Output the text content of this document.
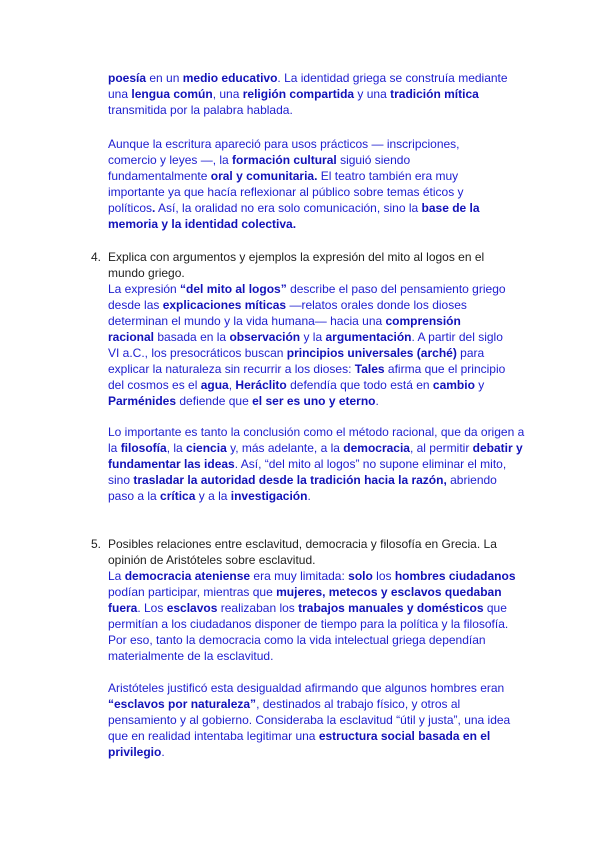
poesía en un medio educativo. La identidad griega se construía mediante una lengua común, una religión compartida y una tradición mítica transmitida por la palabra hablada.

Aunque la escritura apareció para usos prácticos — inscripciones, comercio y leyes —, la formación cultural siguió siendo fundamentalmente oral y comunitaria. El teatro también era muy importante ya que hacía reflexionar al público sobre temas éticos y políticos. Así, la oralidad no era solo comunicación, sino la base de la memoria y la identidad colectiva.

4. Explica con argumentos y ejemplos la expresión del mito al logos en el mundo griego.

La expresión “del mito al logos” describe el paso del pensamiento griego desde las explicaciones míticas —relatos orales donde los dioses determinan el mundo y la vida humana— hacia una comprensión racional basada en la observación y la argumentación. A partir del siglo VI a.C., los presocráticos buscan principios universales (arché) para explicar la naturaleza sin recurrir a los dioses: Tales afirma que el principio del cosmos es el agua, Heráclito defendía que todo está en cambio y Parménides defiende que el ser es uno y eterno.

Lo importante es tanto la conclusión como el método racional, que da origen a la filosofía, la ciencia y, más adelante, a la democracia, al permitir debatir y fundamentar las ideas. Así, “del mito al logos” no supone eliminar el mito, sino trasladar la autoridad desde la tradición hacia la razón, abriendo paso a la crítica y a la investigación.

5. Posibles relaciones entre esclavitud, democracia y filosofía en Grecia. La opinión de Aristóteles sobre esclavitud.

La democracia ateniense era muy limitada: solo los hombres ciudadanos podían participar, mientras que mujeres, metecos y esclavos quedaban fuera. Los esclavos realizaban los trabajos manuales y domésticos que permitían a los ciudadanos disponer de tiempo para la política y la filosofía. Por eso, tanto la democracia como la vida intelectual griega dependían materialmente de la esclavitud.

Aristóteles justificó esta desigualdad afirmando que algunos hombres eran “esclavos por naturaleza”, destinados al trabajo físico, y otros al pensamiento y al gobierno. Consideraba la esclavitud “útil y justa”, una idea que en realidad intentaba legitimar una estructura social basada en el privilegio.
